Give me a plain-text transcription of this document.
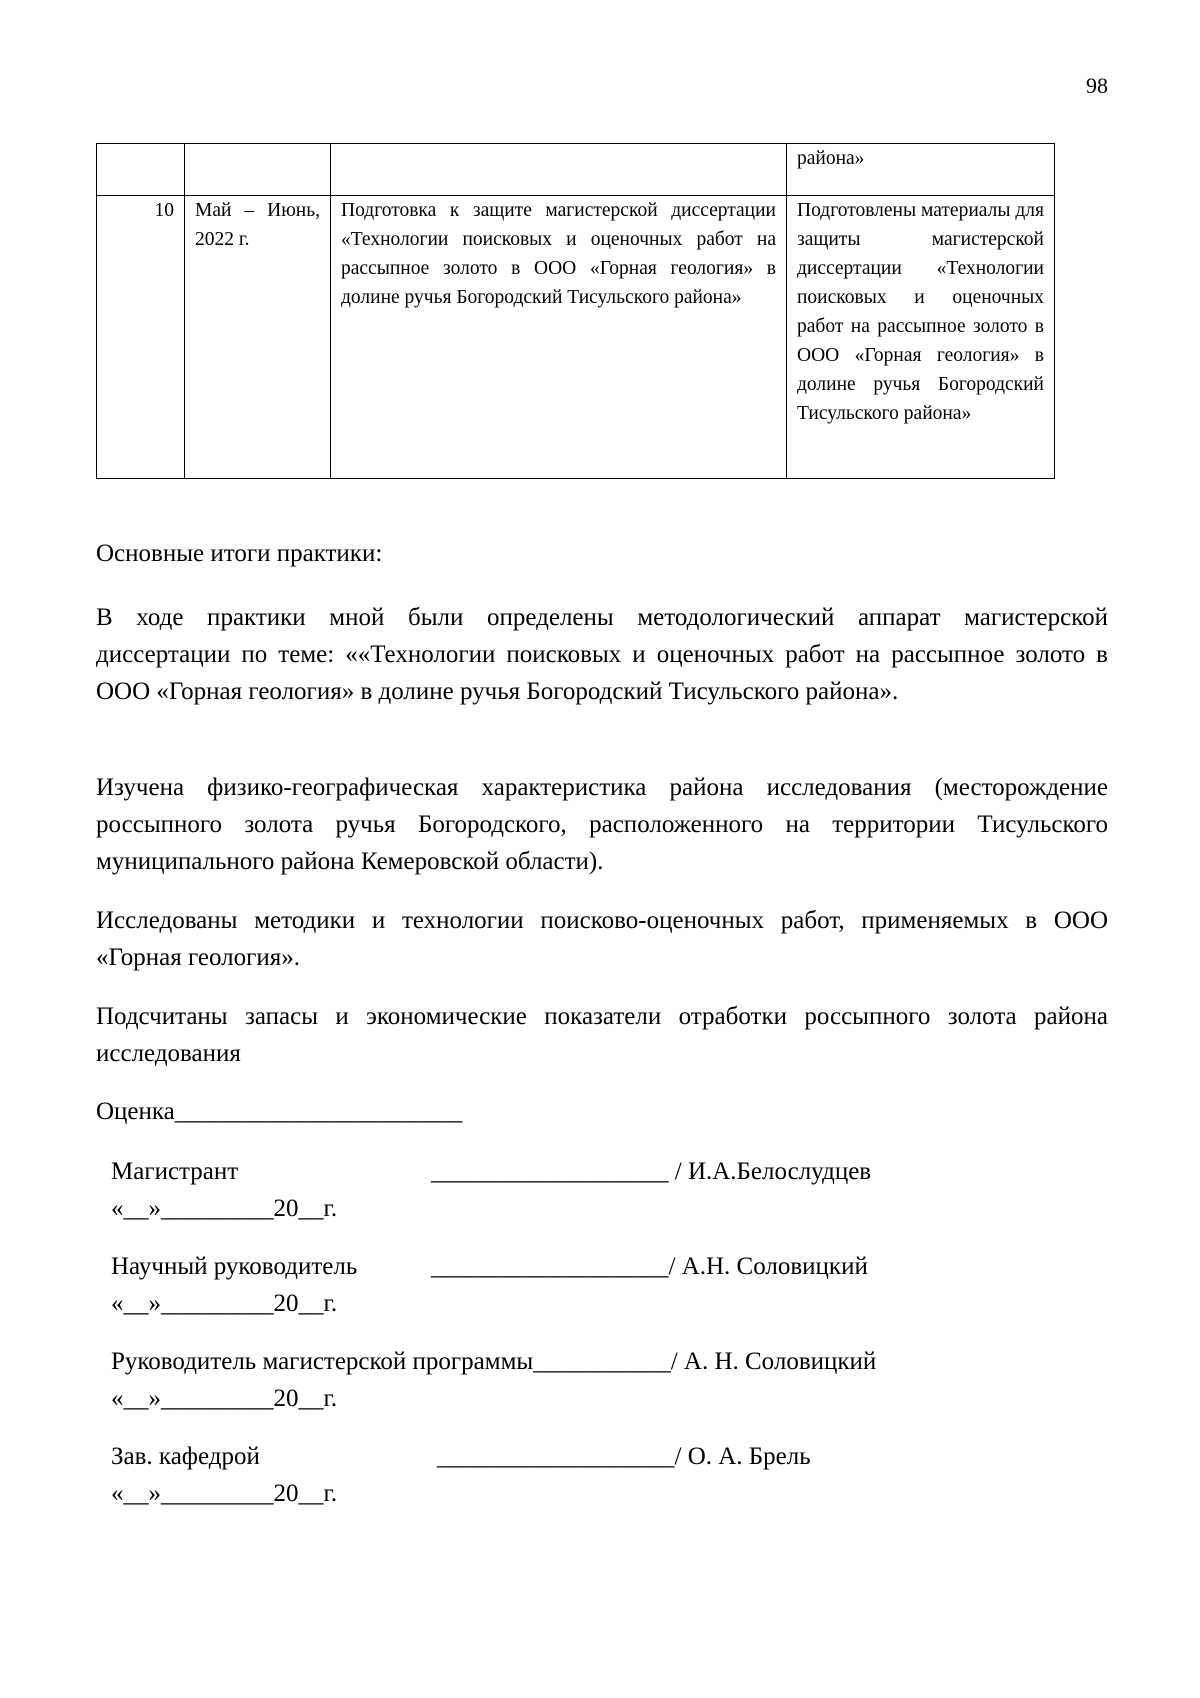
98
			района»
10	Май – Июнь, 2022 г.	Подготовка к защите магистерской диссертации «Технологии поисковых и оценочных работ на рассыпное золото в ООО «Горная геология» в долине ручья Богородский Тисульского района»	Подготовлены материалы для защиты магистерской диссертации «Технологии поисковых и оценочных работ на рассыпное золото в ООО «Горная геология» в долине ручья Богородский Тисульского района»
Основные итоги практики:

В ходе практики мной были определены методологический аппарат магистерской диссертации по теме: ««Технологии поисковых и оценочных работ на рассыпное золото в ООО «Горная геология» в долине ручья Богородский Тисульского района».

Изучена физико-географическая характеристика района исследования (месторождение россыпного золота ручья Богородского, расположенного на территории Тисульского муниципального района Кемеровской области).

Исследованы методики и технологии поисково-оценочных работ, применяемых в ООО «Горная геология».

Подсчитаны запасы и экономические показатели отработки россыпного золота района исследования

Оценка_______________________
Магистрант	___________________ / И.А.Белослудцев
«__»_________20__г.
Научный руководитель	___________________/ А.Н. Соловицкий
«__»_________20__г.
Руководитель магистерской программы___________/ А. Н. Соловицкий
«__»_________20__г.
Зав. кафедрой	___________________/ О. А. Брель
«__»_________20__г.
